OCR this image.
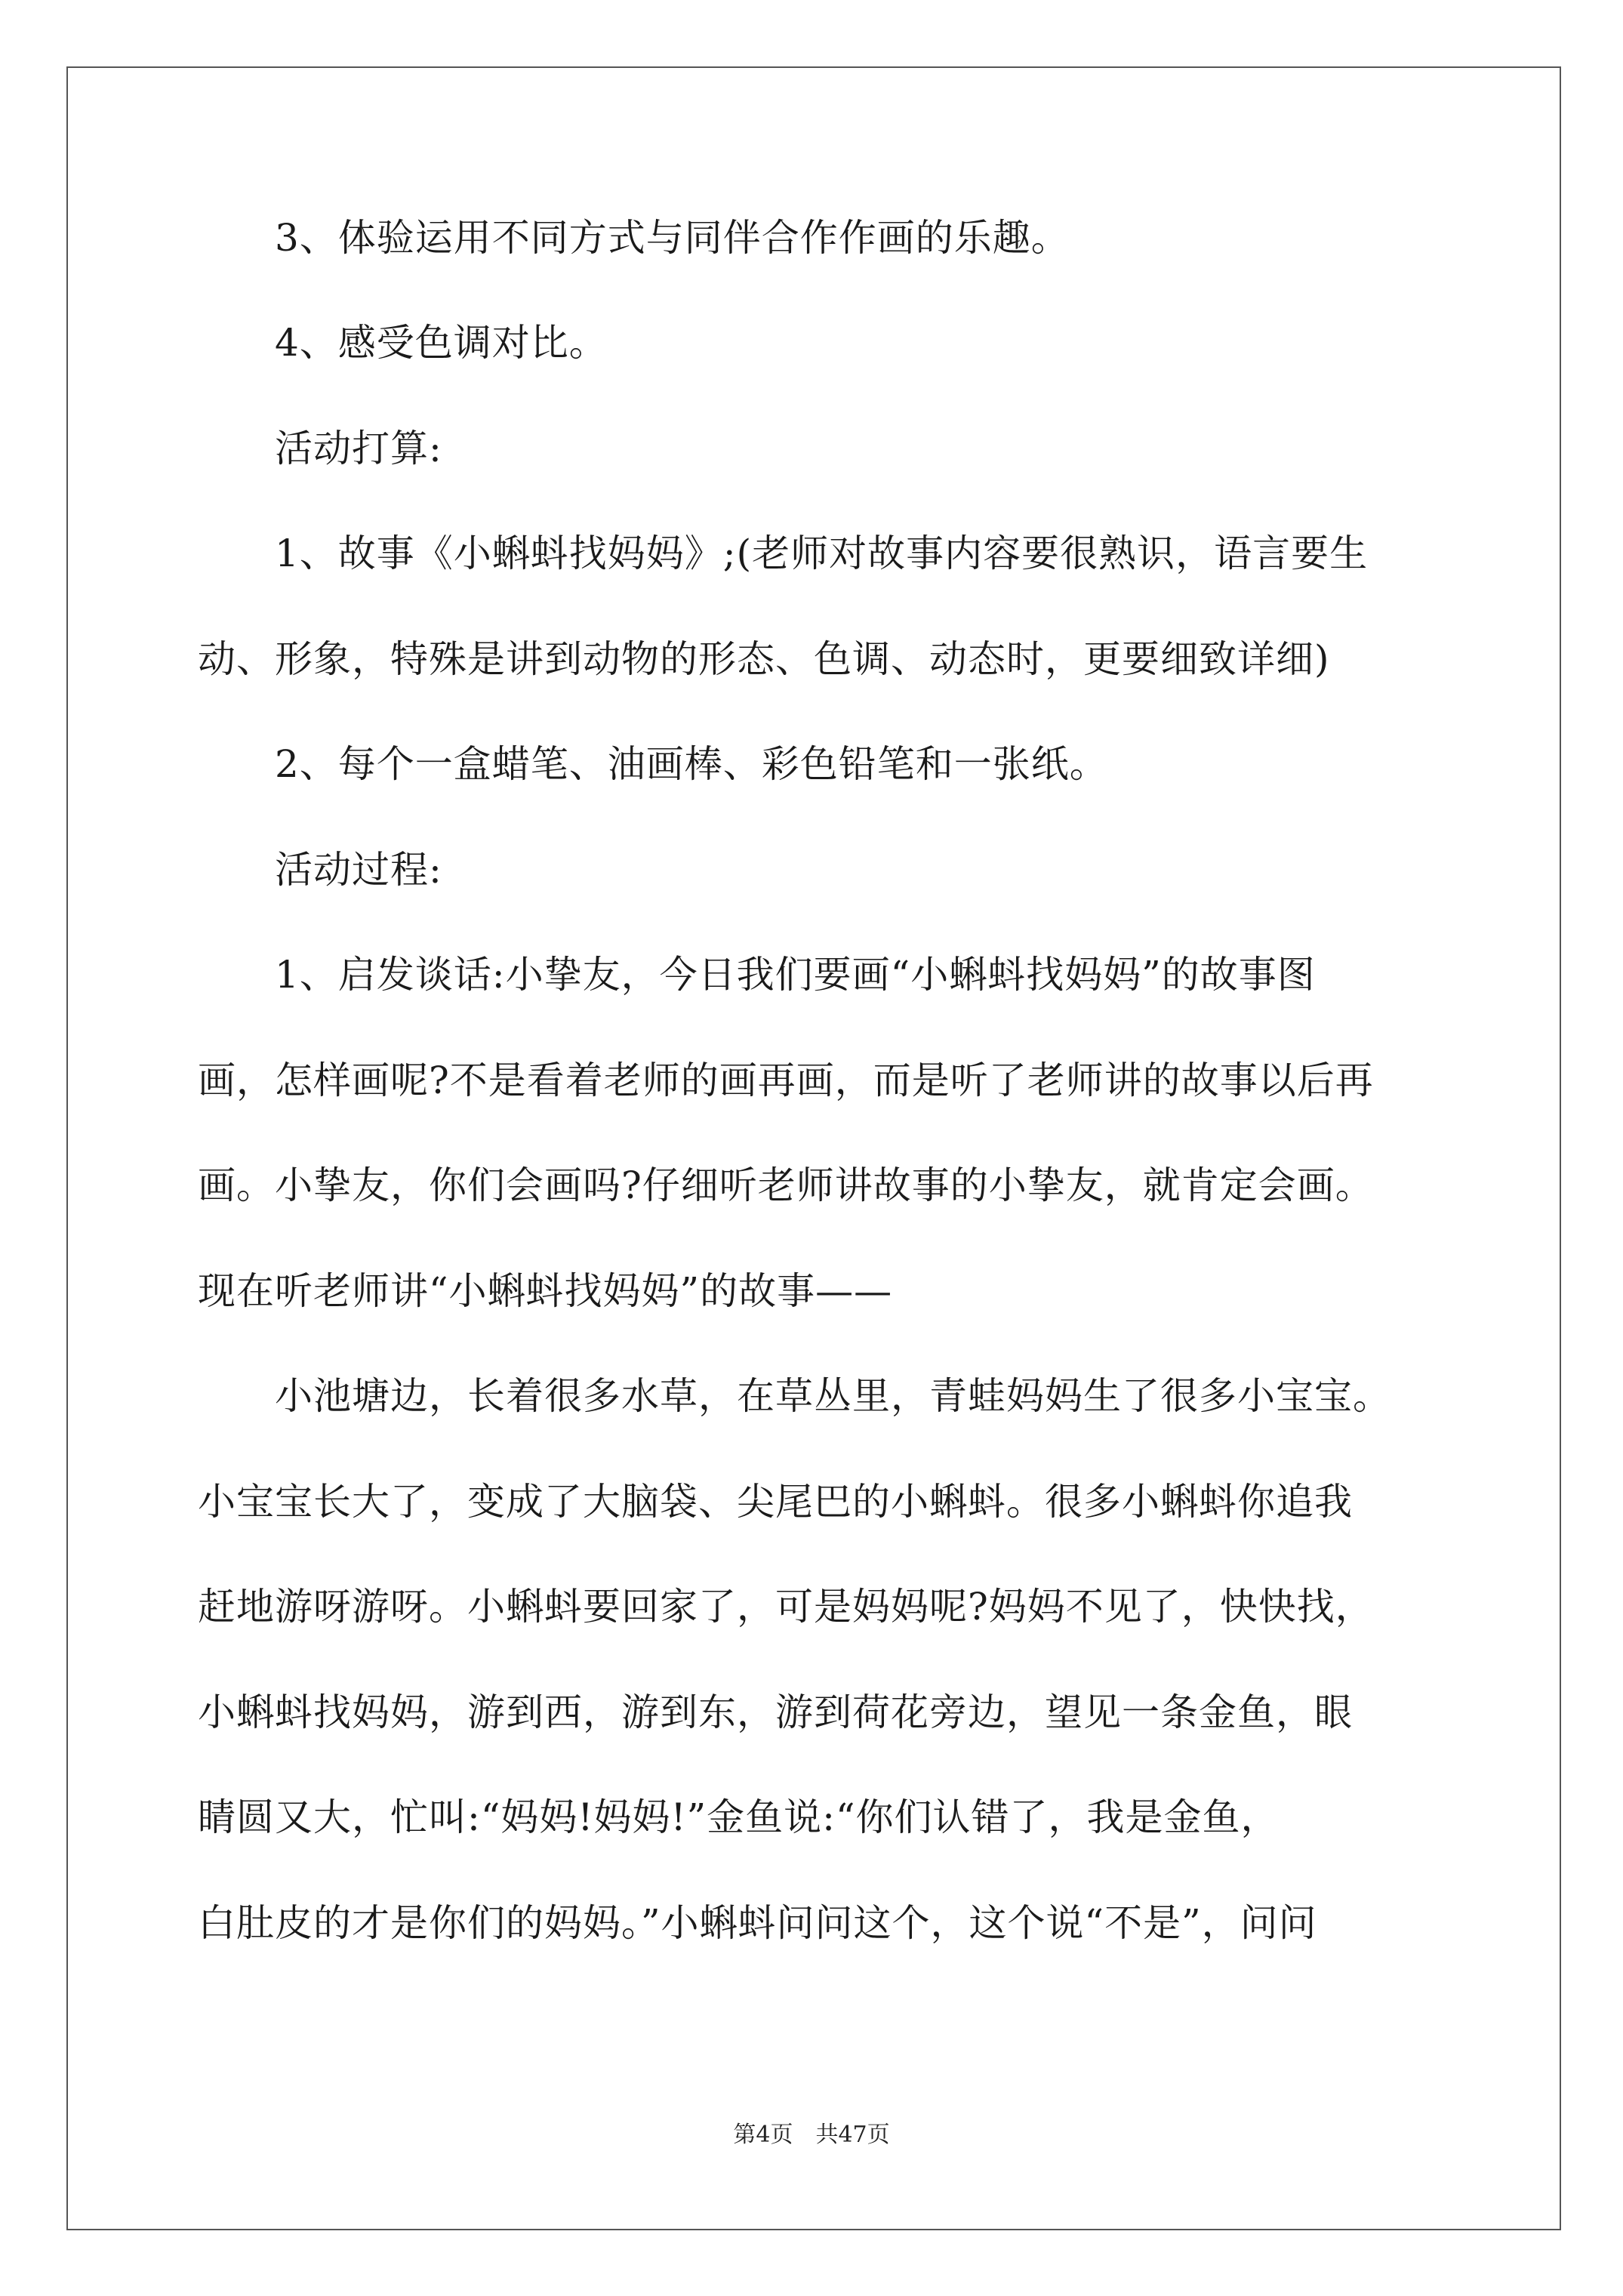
3、体验运用不同方式与同伴合作作画的乐趣。
4、感受色调对比。
活动打算:
1、故事《小蝌蚪找妈妈》;(老师对故事内容要很熟识，语言要生
动、形象，特殊是讲到动物的形态、色调、动态时，更要细致详细)
2、每个一盒蜡笔、油画棒、彩色铅笔和一张纸。
活动过程:
1、启发谈话:小挚友，今日我们要画“小蝌蚪找妈妈”的故事图
画，怎样画呢?不是看着老师的画再画，而是听了老师讲的故事以后再
画。小挚友，你们会画吗?仔细听老师讲故事的小挚友，就肯定会画。
现在听老师讲“小蝌蚪找妈妈”的故事——
小池塘边，长着很多水草，在草丛里，青蛙妈妈生了很多小宝宝。
小宝宝长大了，变成了大脑袋、尖尾巴的小蝌蚪。很多小蝌蚪你追我
赶地游呀游呀。小蝌蚪要回家了，可是妈妈呢?妈妈不见了，快快找，
小蝌蚪找妈妈，游到西，游到东，游到荷花旁边，望见一条金鱼，眼
睛圆又大，忙叫:“妈妈!妈妈!”金鱼说:“你们认错了，我是金鱼，
白肚皮的才是你们的妈妈。”小蝌蚪问问这个，这个说“不是”，问问
第4页　共47页
